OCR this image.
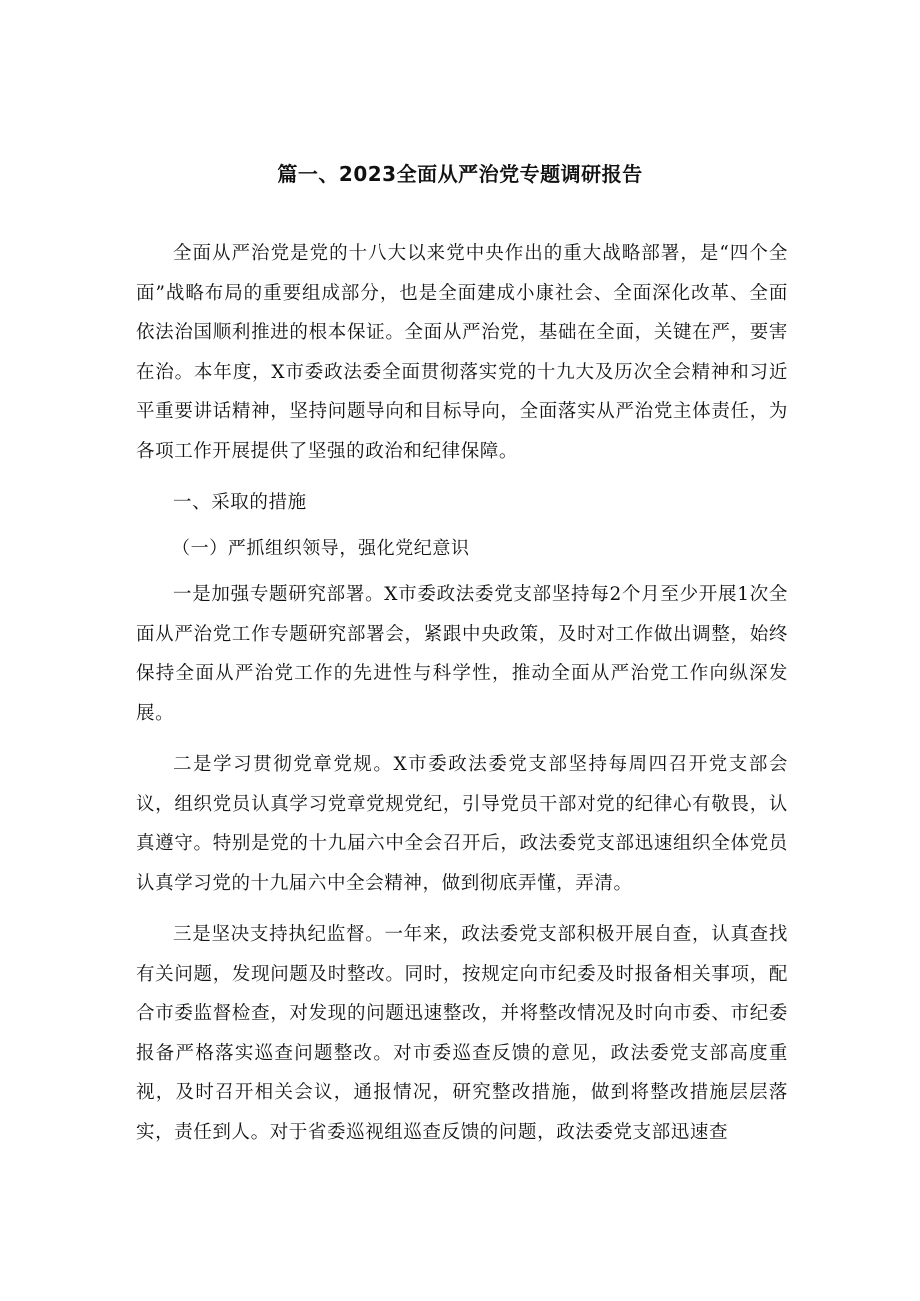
篇一、2023全面从严治党专题调研报告

全面从严治党是党的十八大以来党中央作出的重大战略部署，是“四个全面”战略布局的重要组成部分，也是全面建成小康社会、全面深化改革、全面依法治国顺利推进的根本保证。全面从严治党，基础在全面，关键在严，要害在治。本年度，X市委政法委全面贯彻落实党的十九大及历次全会精神和习近平重要讲话精神，坚持问题导向和目标导向，全面落实从严治党主体责任，为各项工作开展提供了坚强的政治和纪律保障。

一、采取的措施

（一）严抓组织领导，强化党纪意识

一是加强专题研究部署。X市委政法委党支部坚持每2个月至少开展1次全面从严治党工作专题研究部署会，紧跟中央政策，及时对工作做出调整，始终保持全面从严治党工作的先进性与科学性，推动全面从严治党工作向纵深发展。

二是学习贯彻党章党规。X市委政法委党支部坚持每周四召开党支部会议，组织党员认真学习党章党规党纪，引导党员干部对党的纪律心有敬畏，认真遵守。特别是党的十九届六中全会召开后，政法委党支部迅速组织全体党员认真学习党的十九届六中全会精神，做到彻底弄懂，弄清。

三是坚决支持执纪监督。一年来，政法委党支部积极开展自查，认真查找有关问题，发现问题及时整改。同时，按规定向市纪委及时报备相关事项，配合市委监督检查，对发现的问题迅速整改，并将整改情况及时向市委、市纪委报备严格落实巡查问题整改。对市委巡查反馈的意见，政法委党支部高度重视，及时召开相关会议，通报情况，研究整改措施，做到将整改措施层层落实，责任到人。对于省委巡视组巡查反馈的问题，政法委党支部迅速查
